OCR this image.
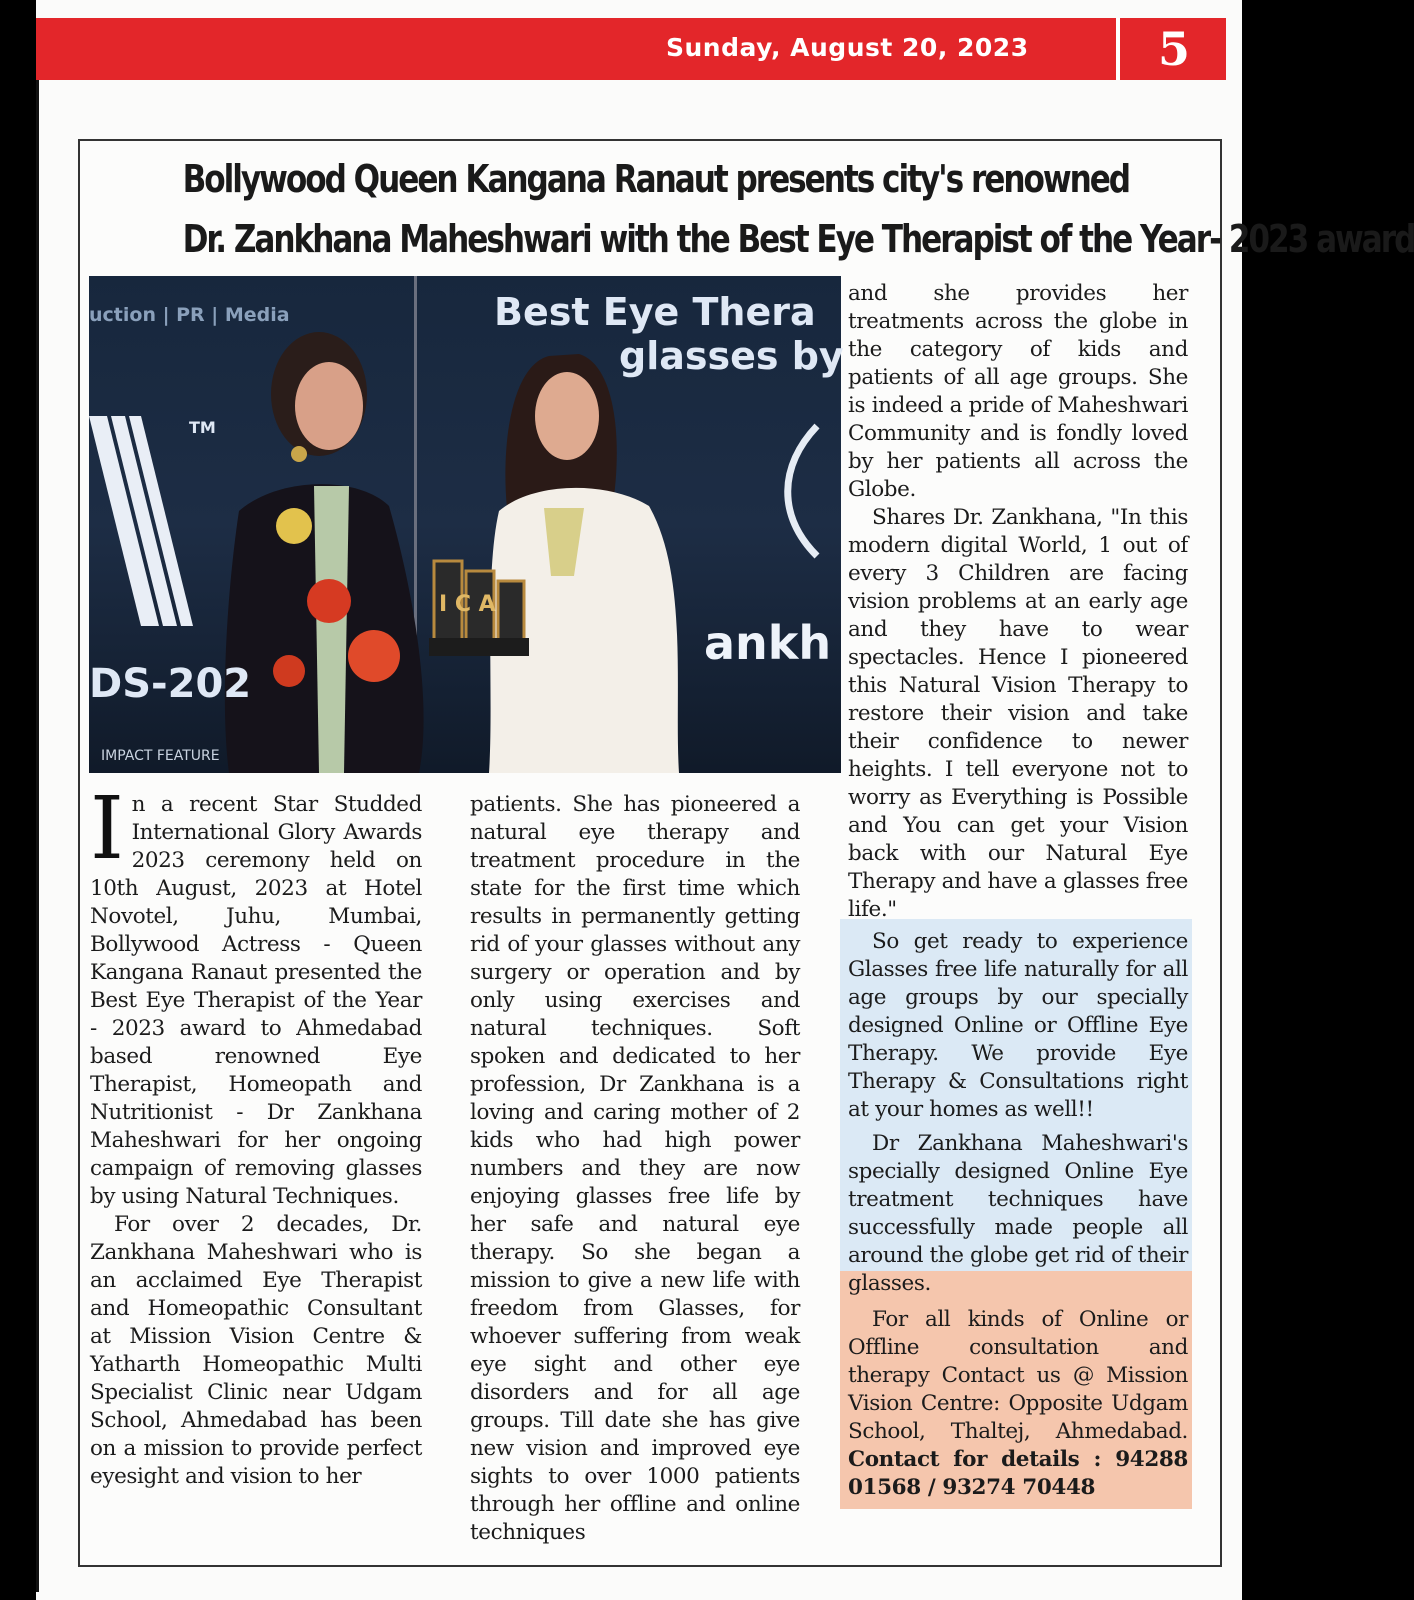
Sunday, August 20, 2023	5
Bollywood Queen Kangana Ranaut presents city's renowned
Dr. Zankhana Maheshwari with the Best Eye Therapist of the Year- 2023 award
uction | PR | Media	Best Eye Thera
glasses by
TM
I C A
DS-202
ankh
IMPACT FEATURE
I n a recent Star Studded International Glory Awards 2023 ceremony held on 10th August, 2023 at Hotel Novotel, Juhu, Mumbai, Bollywood Actress - Queen Kangana Ranaut presented the Best Eye Therapist of the Year - 2023 award to Ahmedabad based renowned Eye Therapist, Homeopath and Nutritionist - Dr Zankhana Maheshwari for her ongoing campaign of removing glasses by using Natural Techniques.

For over 2 decades, Dr. Zankhana Maheshwari who is an acclaimed Eye Therapist and Homeopathic Consultant at Mission Vision Centre & Yatharth Homeopathic Multi Specialist Clinic near Udgam School, Ahmedabad has been on a mission to provide perfect eyesight and vision to her

patients. She has pioneered a natural eye therapy and treatment procedure in the state for the first time which results in permanently getting rid of your glasses without any surgery or operation and by only using exercises and natural techniques. Soft spoken and dedicated to her profession, Dr Zankhana is a loving and caring mother of 2 kids who had high power numbers and they are now enjoying glasses free life by her safe and natural eye therapy. So she began a mission to give a new life with freedom from Glasses, for whoever suffering from weak eye sight and other eye disorders and for all age groups. Till date she has give new vision and improved eye sights to over 1000 patients through her offline and online techniques

and she provides her treatments across the globe in the category of kids and patients of all age groups. She is indeed a pride of Maheshwari Community and is fondly loved by her patients all across the Globe.

Shares Dr. Zankhana, "In this modern digital World, 1 out of every 3 Children are facing vision problems at an early age and they have to wear spectacles. Hence I pioneered this Natural Vision Therapy to restore their vision and take their confidence to newer heights. I tell everyone not to worry as Everything is Possible and You can get your Vision back with our Natural Eye Therapy and have a glasses free life."

So get ready to experience Glasses free life naturally for all age groups by our specially designed Online or Offline Eye Therapy. We provide Eye Therapy & Consultations right at your homes as well!!

Dr Zankhana Maheshwari's specially designed Online Eye treatment techniques have successfully made people all around the globe get rid of their glasses.

For all kinds of Online or Offline consultation and therapy Contact us @ Mission Vision Centre: Opposite Udgam School, Thaltej, Ahmedabad. Contact for details : 94288 01568 / 93274 70448
